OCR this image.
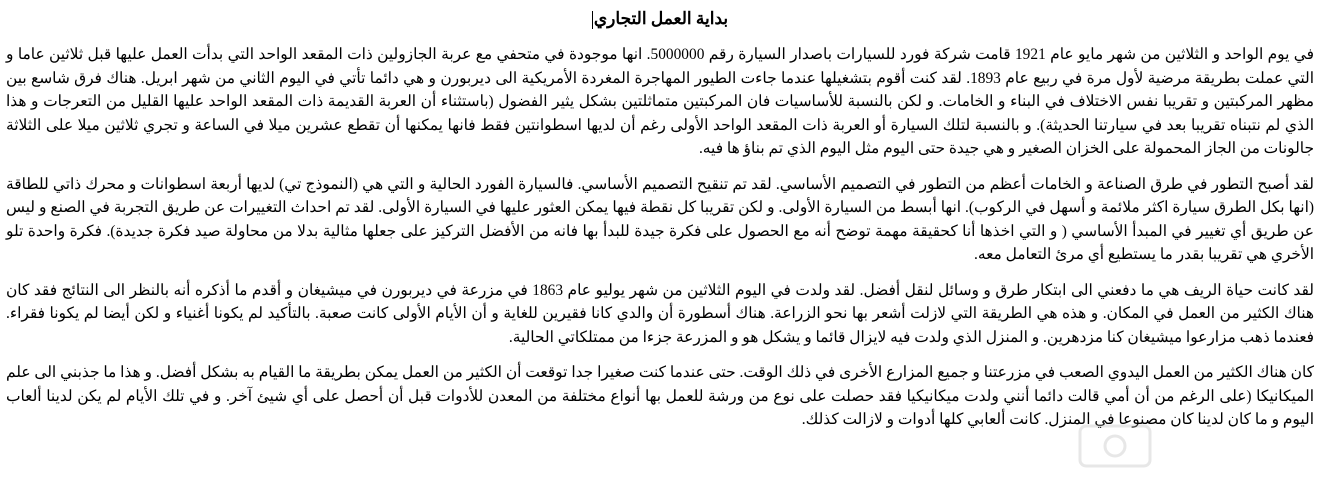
بداية العمل التجاري

في يوم الواحد و الثلاثين من شهر مايو عام 1921 قامت شركة فورد للسيارات باصدار السيارة رقم 5000000. انها موجودة في متحفي مع عربة الجازولين ذات المقعد الواحد التي بدأت العمل عليها قبل ثلاثين عاما و التي عملت بطريقة مرضية لأول مرة في ربيع عام 1893. لقد كنت أقوم بتشغيلها عندما جاءت الطيور المهاجرة المغردة الأمريكية الى ديربورن و هي دائما تأتي في اليوم الثاني من شهر ابريل. هناك فرق شاسع بين مظهر المركبتين و تقريبا نفس الاختلاف في البناء و الخامات. و لكن بالنسبة للأساسيات فان المركبتين متماثلتين بشكل يثير الفضول (باستثناء أن العربة القديمة ذات المقعد الواحد عليها القليل من التعرجات و هذا الذي لم نتبناه تقريبا بعد في سيارتنا الحديثة). و بالنسبة لتلك السيارة أو العربة ذات المقعد الواحد الأولى رغم أن لديها اسطوانتين فقط فانها يمكنها أن تقطع عشرين ميلا في الساعة و تجري ثلاثين ميلا على الثلاثة جالونات من الجاز المحمولة على الخزان الصغير و هي جيدة حتى اليوم مثل اليوم الذي تم بناؤ ها فيه.

لقد أصبح التطور في طرق الصناعة و الخامات أعظم من التطور في التصميم الأساسي. لقد تم تنقيح التصميم الأساسي. فالسيارة الفورد الحالية و التي هي (النموذج تي) لديها أربعة اسطوانات و محرك ذاتي للطاقة (انها بكل الطرق سيارة اكثر ملائمة و أسهل في الركوب). انها أبسط من السيارة الأولى. و لكن تقريبا كل نقطة فيها يمكن العثور عليها في السيارة الأولى. لقد تم احداث التغييرات عن طريق التجربة في الصنع و ليس عن طريق أي تغيير في المبدأ الأساسي ( و التي اخذها أنا كحقيقة مهمة توضح أنه مع الحصول على فكرة جيدة للبدأ بها فانه من الأفضل التركيز على جعلها مثالية بدلا من محاولة صيد فكرة جديدة). فكرة واحدة تلو الأخري هي تقريبا بقدر ما يستطيع أي مرئ التعامل معه.

لقد كانت حياة الريف هي ما دفعني الى ابتكار طرق و وسائل لنقل أفضل. لقد ولدت في اليوم الثلاثين من شهر يوليو عام 1863 في مزرعة في ديربورن في ميشيغان و أقدم ما أذكره أنه بالنظر الى النتائج فقد كان هناك الكثير من العمل في المكان. و هذه هي الطريقة التي لازلت أشعر بها نحو الزراعة. هناك أسطورة أن والدي كانا فقيرين للغاية و أن الأيام الأولى كانت صعبة. بالتأكيد لم يكونا أغنياء و لكن أيضا لم يكونا فقراء. فعندما ذهب مزارعوا ميشيغان كنا مزدهرين. و المنزل الذي ولدت فيه لايزال قائما و يشكل هو و المزرعة جزءا من ممتلكاتي الحالية.

كان هناك الكثير من العمل اليدوي الصعب في مزرعتنا و جميع المزارع الأخرى في ذلك الوقت. حتى عندما كنت صغيرا جدا توقعت أن الكثير من العمل يمكن بطريقة ما القيام به بشكل أفضل. و هذا ما جذبني الى علم الميكانيكا (على الرغم من أن أمي قالت دائما أنني ولدت ميكانيكيا فقد حصلت على نوع من ورشة للعمل بها أنواع مختلفة من المعدن للأدوات قبل أن أحصل على أي شيئ آخر. و في تلك الأيام لم يكن لدينا ألعاب اليوم و ما كان لدينا كان مصنوعا في المنزل. كانت ألعابي كلها أدوات و لازالت كذلك.
